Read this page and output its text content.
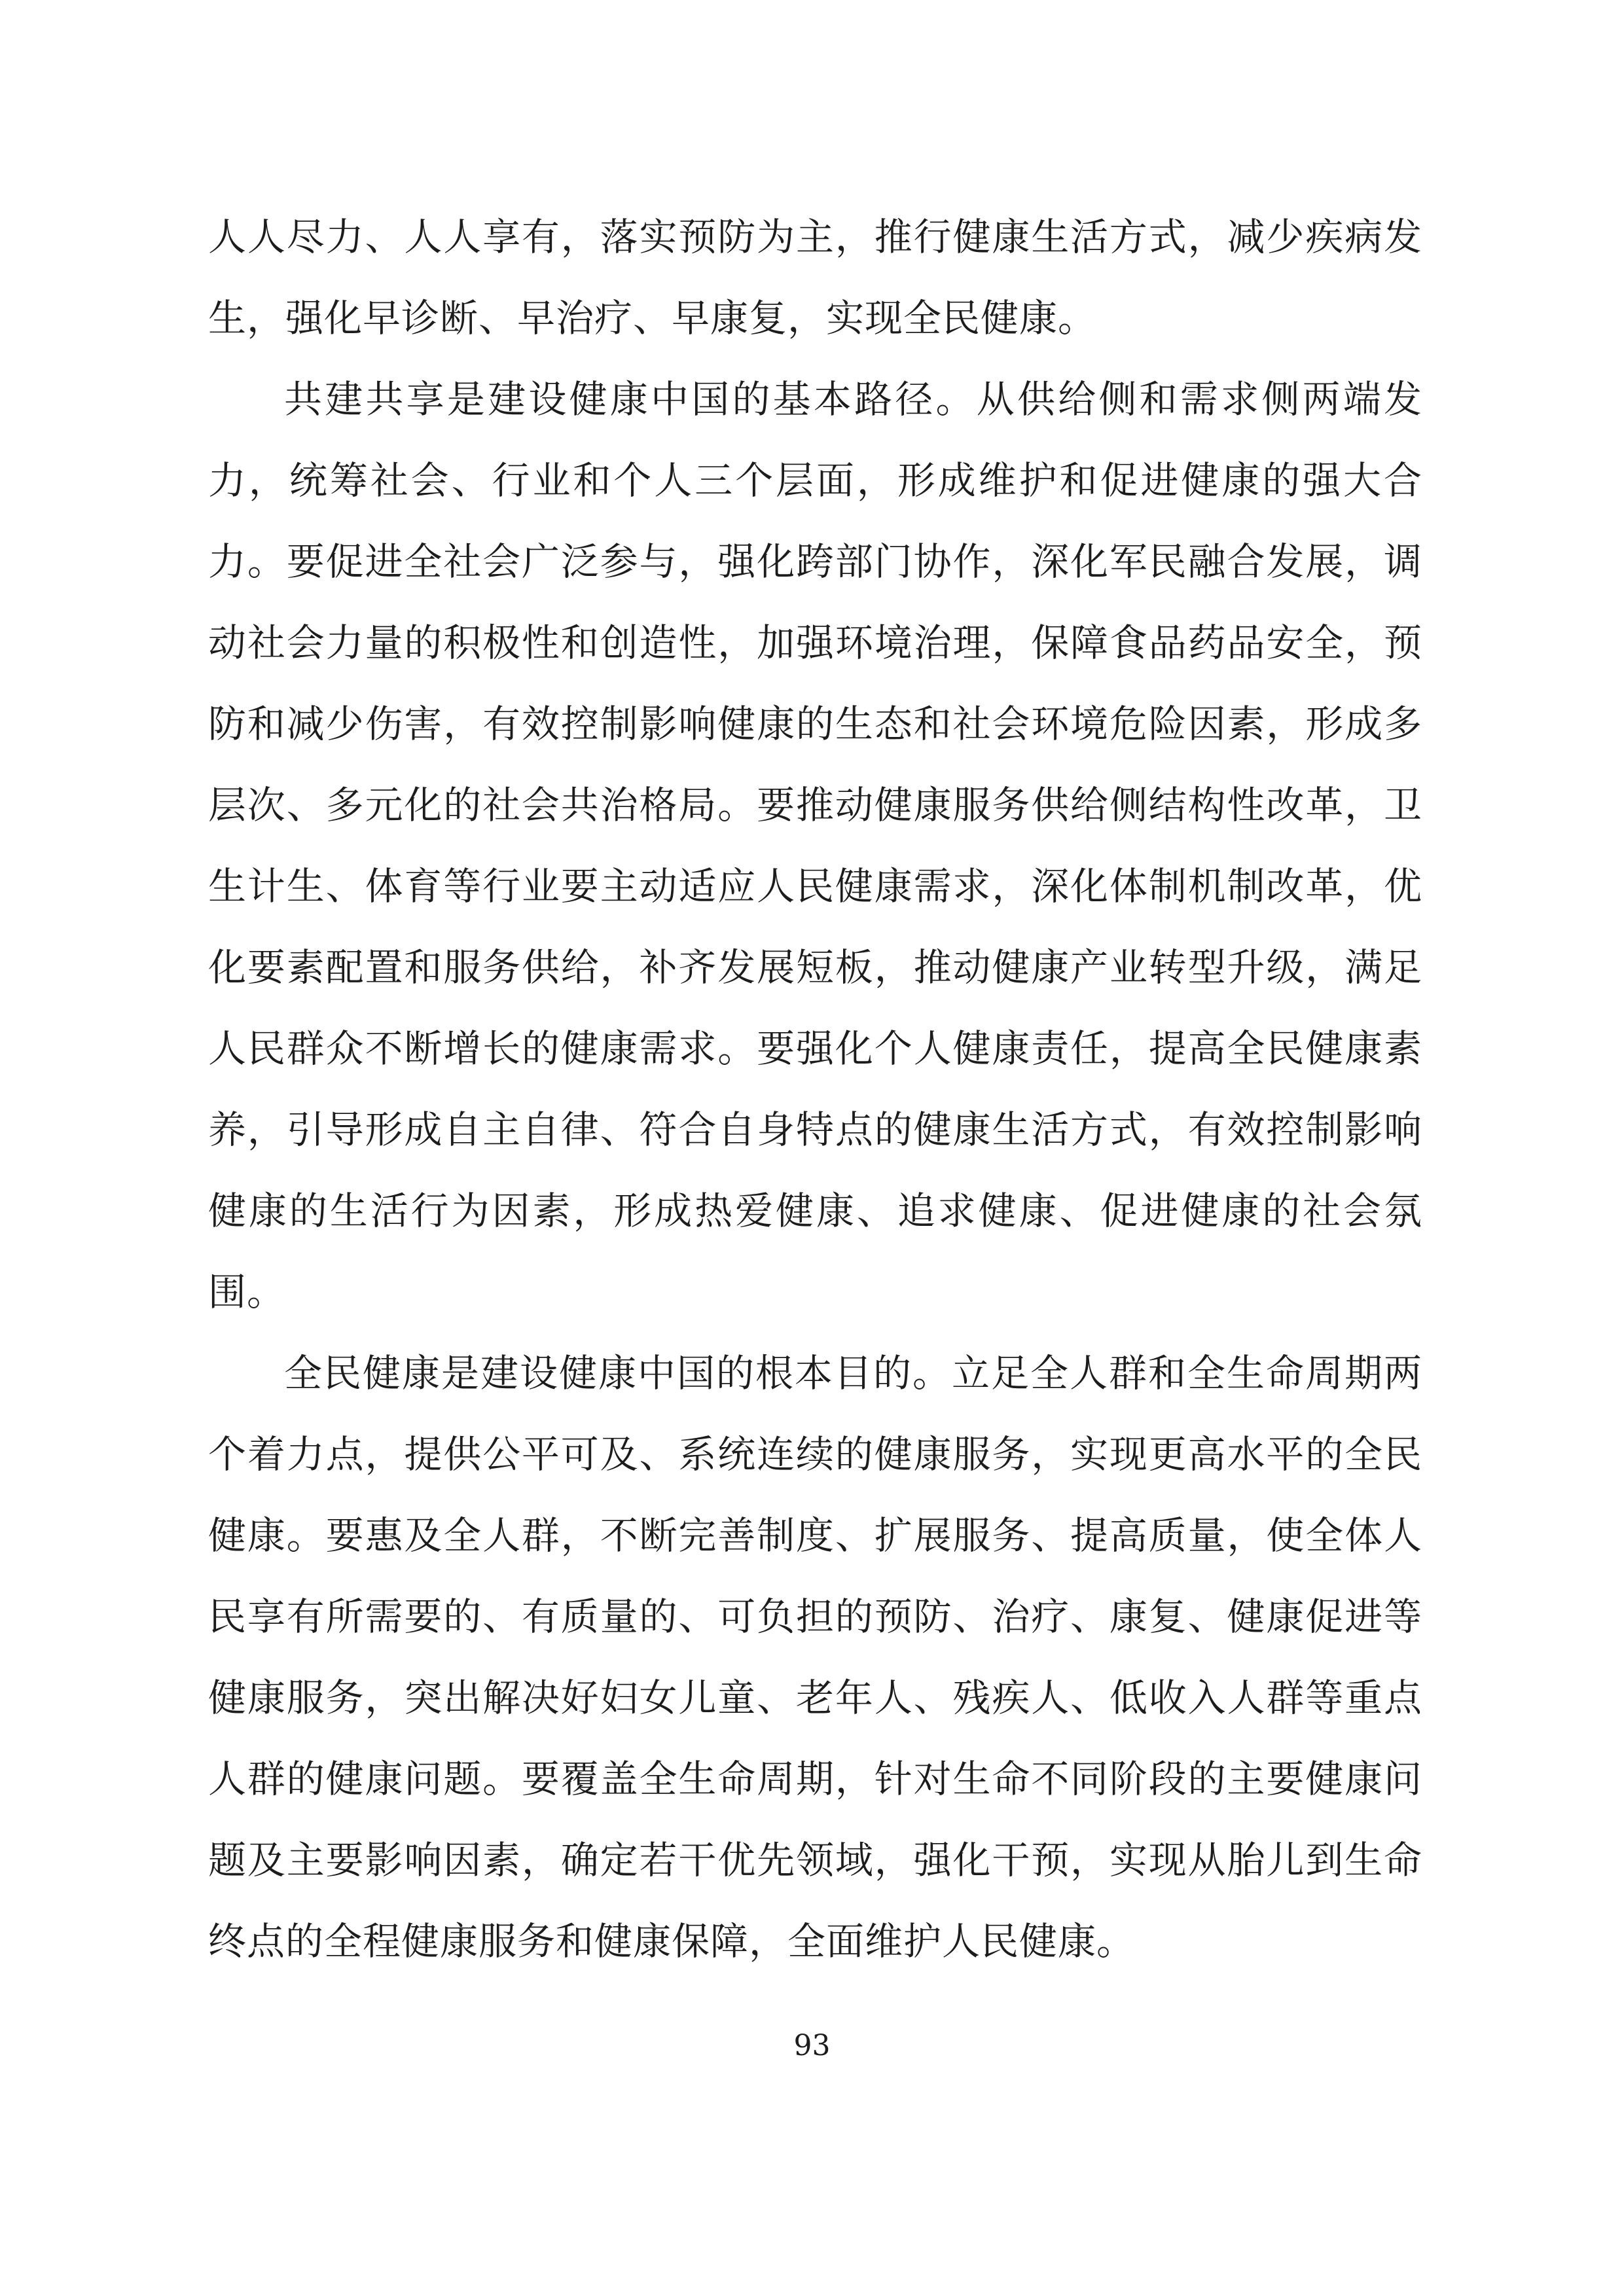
人人尽力、人人享有，落实预防为主，推行健康生活方式，减少疾病发生，强化早诊断、早治疗、早康复，实现全民健康。

共建共享是建设健康中国的基本路径。从供给侧和需求侧两端发力，统筹社会、行业和个人三个层面，形成维护和促进健康的强大合力。要促进全社会广泛参与，强化跨部门协作，深化军民融合发展，调动社会力量的积极性和创造性，加强环境治理，保障食品药品安全，预防和减少伤害，有效控制影响健康的生态和社会环境危险因素，形成多层次、多元化的社会共治格局。要推动健康服务供给侧结构性改革，卫生计生、体育等行业要主动适应人民健康需求，深化体制机制改革，优化要素配置和服务供给，补齐发展短板，推动健康产业转型升级，满足人民群众不断增长的健康需求。要强化个人健康责任，提高全民健康素养，引导形成自主自律、符合自身特点的健康生活方式，有效控制影响健康的生活行为因素，形成热爱健康、追求健康、促进健康的社会氛围。

全民健康是建设健康中国的根本目的。立足全人群和全生命周期两个着力点，提供公平可及、系统连续的健康服务，实现更高水平的全民健康。要惠及全人群，不断完善制度、扩展服务、提高质量，使全体人民享有所需要的、有质量的、可负担的预防、治疗、康复、健康促进等健康服务，突出解决好妇女儿童、老年人、残疾人、低收入人群等重点人群的健康问题。要覆盖全生命周期，针对生命不同阶段的主要健康问题及主要影响因素，确定若干优先领域，强化干预，实现从胎儿到生命终点的全程健康服务和健康保障，全面维护人民健康。

93
